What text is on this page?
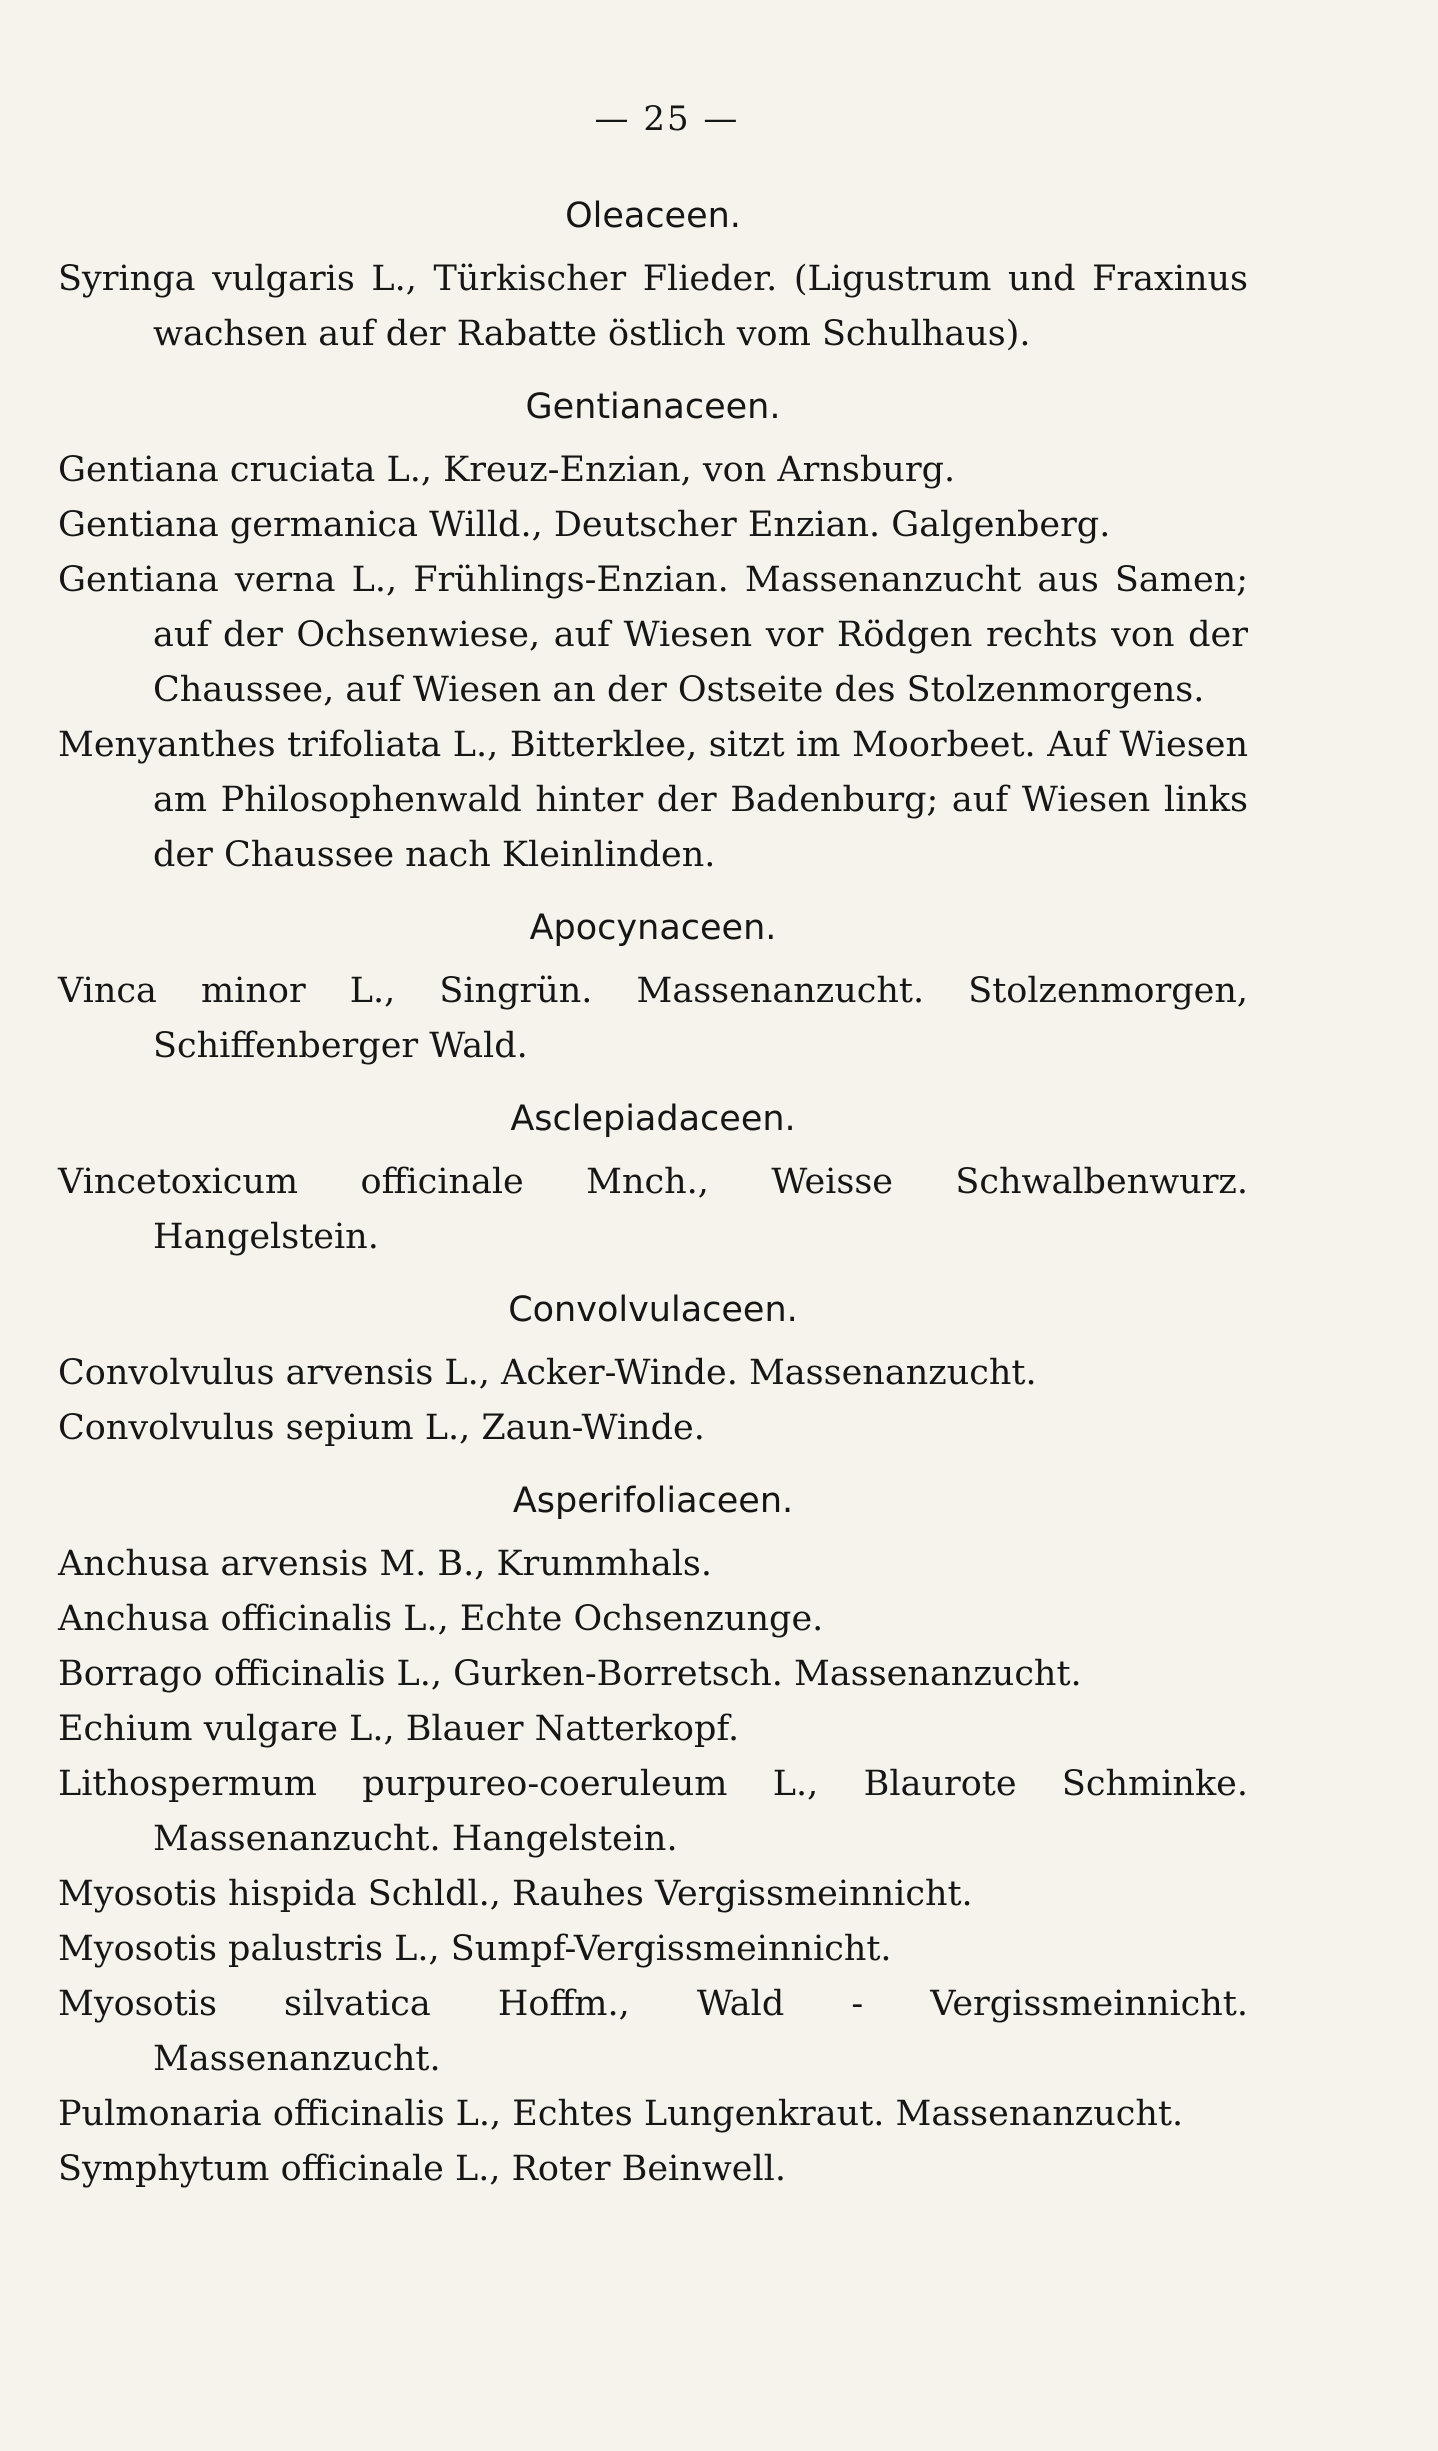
— 25 —
Oleaceen.

Syringa vulgaris L., Türkischer Flieder. (Ligustrum und Fraxinus wachsen auf der Rabatte östlich vom Schulhaus).

Gentianaceen.

Gentiana cruciata L., Kreuz-Enzian, von Arnsburg.

Gentiana germanica Willd., Deutscher Enzian. Galgenberg.

Gentiana verna L., Frühlings-Enzian. Massenanzucht aus Samen; auf der Ochsenwiese, auf Wiesen vor Rödgen rechts von der Chaussee, auf Wiesen an der Ostseite des Stolzenmorgens.

Menyanthes trifoliata L., Bitterklee, sitzt im Moorbeet. Auf Wiesen am Philosophenwald hinter der Badenburg; auf Wiesen links der Chaussee nach Kleinlinden.

Apocynaceen.

Vinca minor L., Singrün. Massenanzucht. Stolzenmorgen, Schiffenberger Wald.

Asclepiadaceen.

Vincetoxicum officinale Mnch., Weisse Schwalbenwurz. Hangelstein.

Convolvulaceen.

Convolvulus arvensis L., Acker-Winde. Massenanzucht.

Convolvulus sepium L., Zaun-Winde.

Asperifoliaceen.

Anchusa arvensis M. B., Krummhals.

Anchusa officinalis L., Echte Ochsenzunge.

Borrago officinalis L., Gurken-Borretsch. Massenanzucht.

Echium vulgare L., Blauer Natterkopf.

Lithospermum purpureo-coeruleum L., Blaurote Schminke. Massenanzucht. Hangelstein.

Myosotis hispida Schldl., Rauhes Vergissmeinnicht.

Myosotis palustris L., Sumpf-Vergissmeinnicht.

Myosotis silvatica Hoffm., Wald - Vergissmeinnicht. Massenanzucht.

Pulmonaria officinalis L., Echtes Lungenkraut. Massenanzucht.

Symphytum officinale L., Roter Beinwell.
